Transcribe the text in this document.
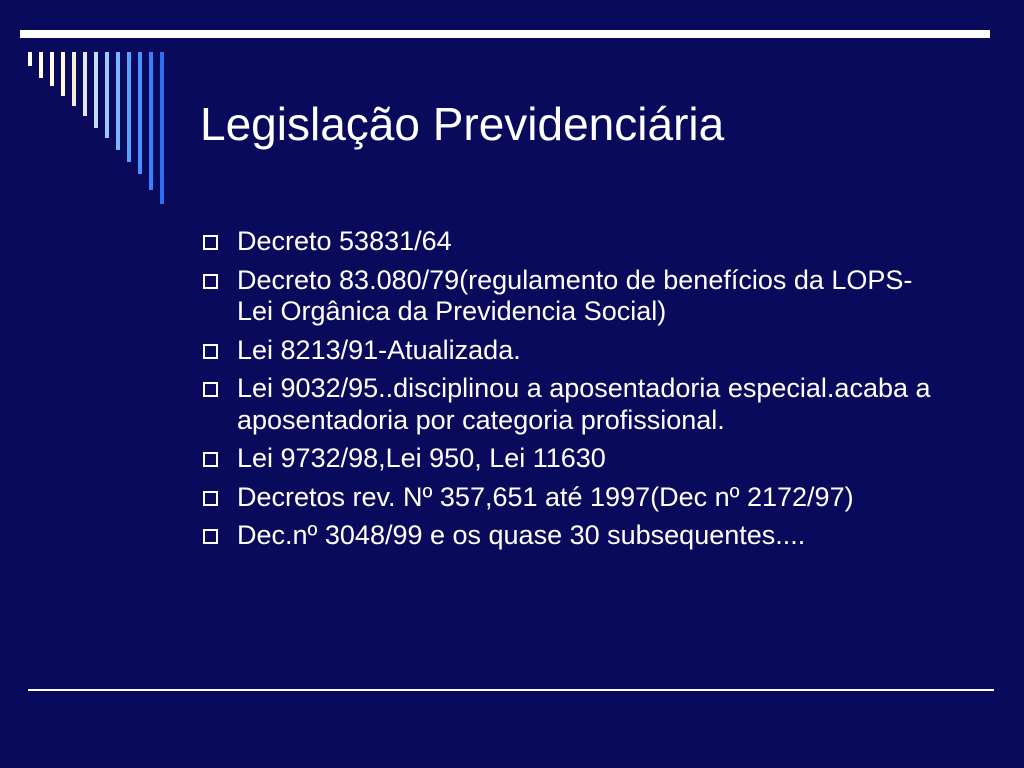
Legislação Previdenciária
Decreto 53831/64
Decreto 83.080/79(regulamento de benefícios da LOPS-Lei Orgânica da Previdencia Social)
Lei 8213/91-Atualizada.
Lei 9032/95..disciplinou a aposentadoria especial.acaba a aposentadoria por categoria profissional.
Lei 9732/98,Lei 950, Lei 11630
Decretos rev. Nº 357,651 até 1997(Dec nº 2172/97)
Dec.nº 3048/99 e os quase 30 subsequentes....
